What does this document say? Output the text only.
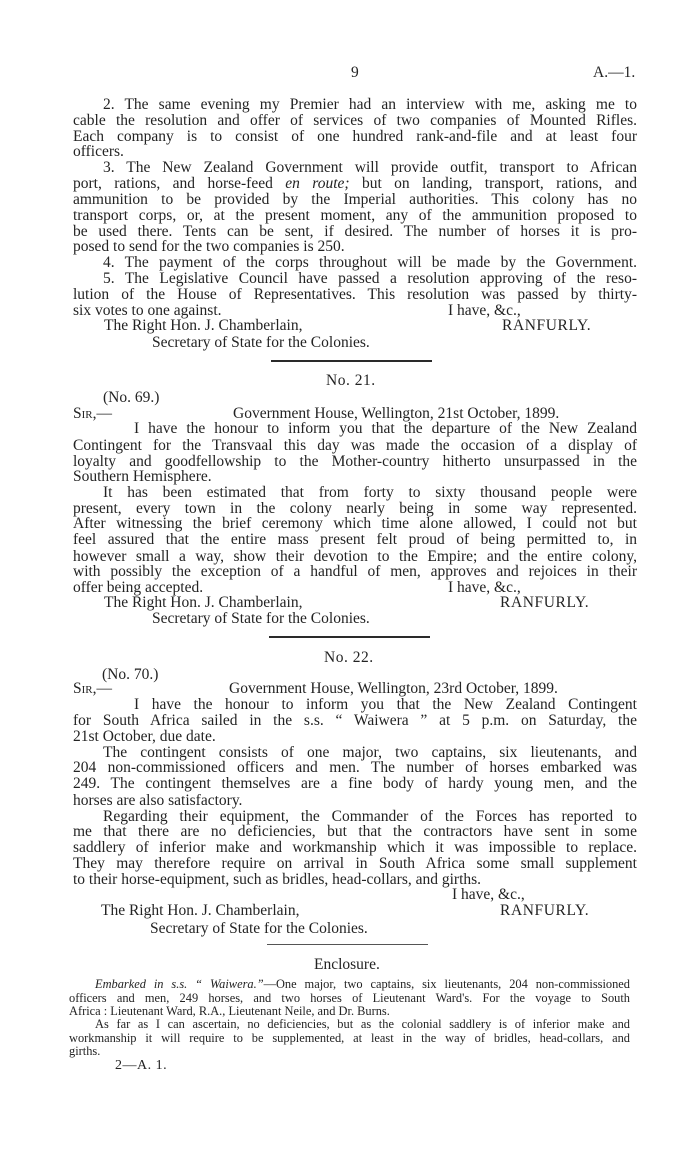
9	A.—1.
2. The same evening my Premier had an interview with me, asking me to
cable the resolution and offer of services of two companies of Mounted Rifles.
Each company is to consist of one hundred rank-and-file and at least four
officers.
3. The New Zealand Government will provide outfit, transport to African
port, rations, and horse-feed en route; but on landing, transport, rations, and
ammunition to be provided by the Imperial authorities. This colony has no
transport corps, or, at the present moment, any of the ammunition proposed to
be used there. Tents can be sent, if desired. The number of horses it is pro-
posed to send for the two companies is 250.
4. The payment of the corps throughout will be made by the Government.
5. The Legislative Council have passed a resolution approving of the reso-
lution of the House of Representatives. This resolution was passed by thirty-
six votes to one against.	I have, &c.,
The Right Hon. J. Chamberlain,	RANFURLY.
Secretary of State for the Colonies.
No. 21.
(No. 69.)
Sir,—	Government House, Wellington, 21st October, 1899.
I have the honour to inform you that the departure of the New Zealand
Contingent for the Transvaal this day was made the occasion of a display of
loyalty and goodfellowship to the Mother-country hitherto unsurpassed in the
Southern Hemisphere.
It has been estimated that from forty to sixty thousand people were
present, every town in the colony nearly being in some way represented.
After witnessing the brief ceremony which time alone allowed, I could not but
feel assured that the entire mass present felt proud of being permitted to, in
however small a way, show their devotion to the Empire; and the entire colony,
with possibly the exception of a handful of men, approves and rejoices in their
offer being accepted.	I have, &c.,
The Right Hon. J. Chamberlain,	RANFURLY.
Secretary of State for the Colonies.
No. 22.
(No. 70.)
Sir,—	Government House, Wellington, 23rd October, 1899.
I have the honour to inform you that the New Zealand Contingent
for South Africa sailed in the s.s. “ Waiwera ” at 5 p.m. on Saturday, the
21st October, due date.
The contingent consists of one major, two captains, six lieutenants, and
204 non-commissioned officers and men. The number of horses embarked was
249. The contingent themselves are a fine body of hardy young men, and the
horses are also satisfactory.
Regarding their equipment, the Commander of the Forces has reported to
me that there are no deficiencies, but that the contractors have sent in some
saddlery of inferior make and workmanship which it was impossible to replace.
They may therefore require on arrival in South Africa some small supplement
to their horse-equipment, such as bridles, head-collars, and girths.
I have, &c.,
The Right Hon. J. Chamberlain,	RANFURLY.
Secretary of State for the Colonies.
Enclosure.
Embarked in s.s. “ Waiwera.”—One major, two captains, six lieutenants, 204 non-commissioned
officers and men, 249 horses, and two horses of Lieutenant Ward's. For the voyage to South
Africa : Lieutenant Ward, R.A., Lieutenant Neile, and Dr. Burns.
As far as I can ascertain, no deficiencies, but as the colonial saddlery is of inferior make and
workmanship it will require to be supplemented, at least in the way of bridles, head-collars, and
girths.
2—A. 1.
